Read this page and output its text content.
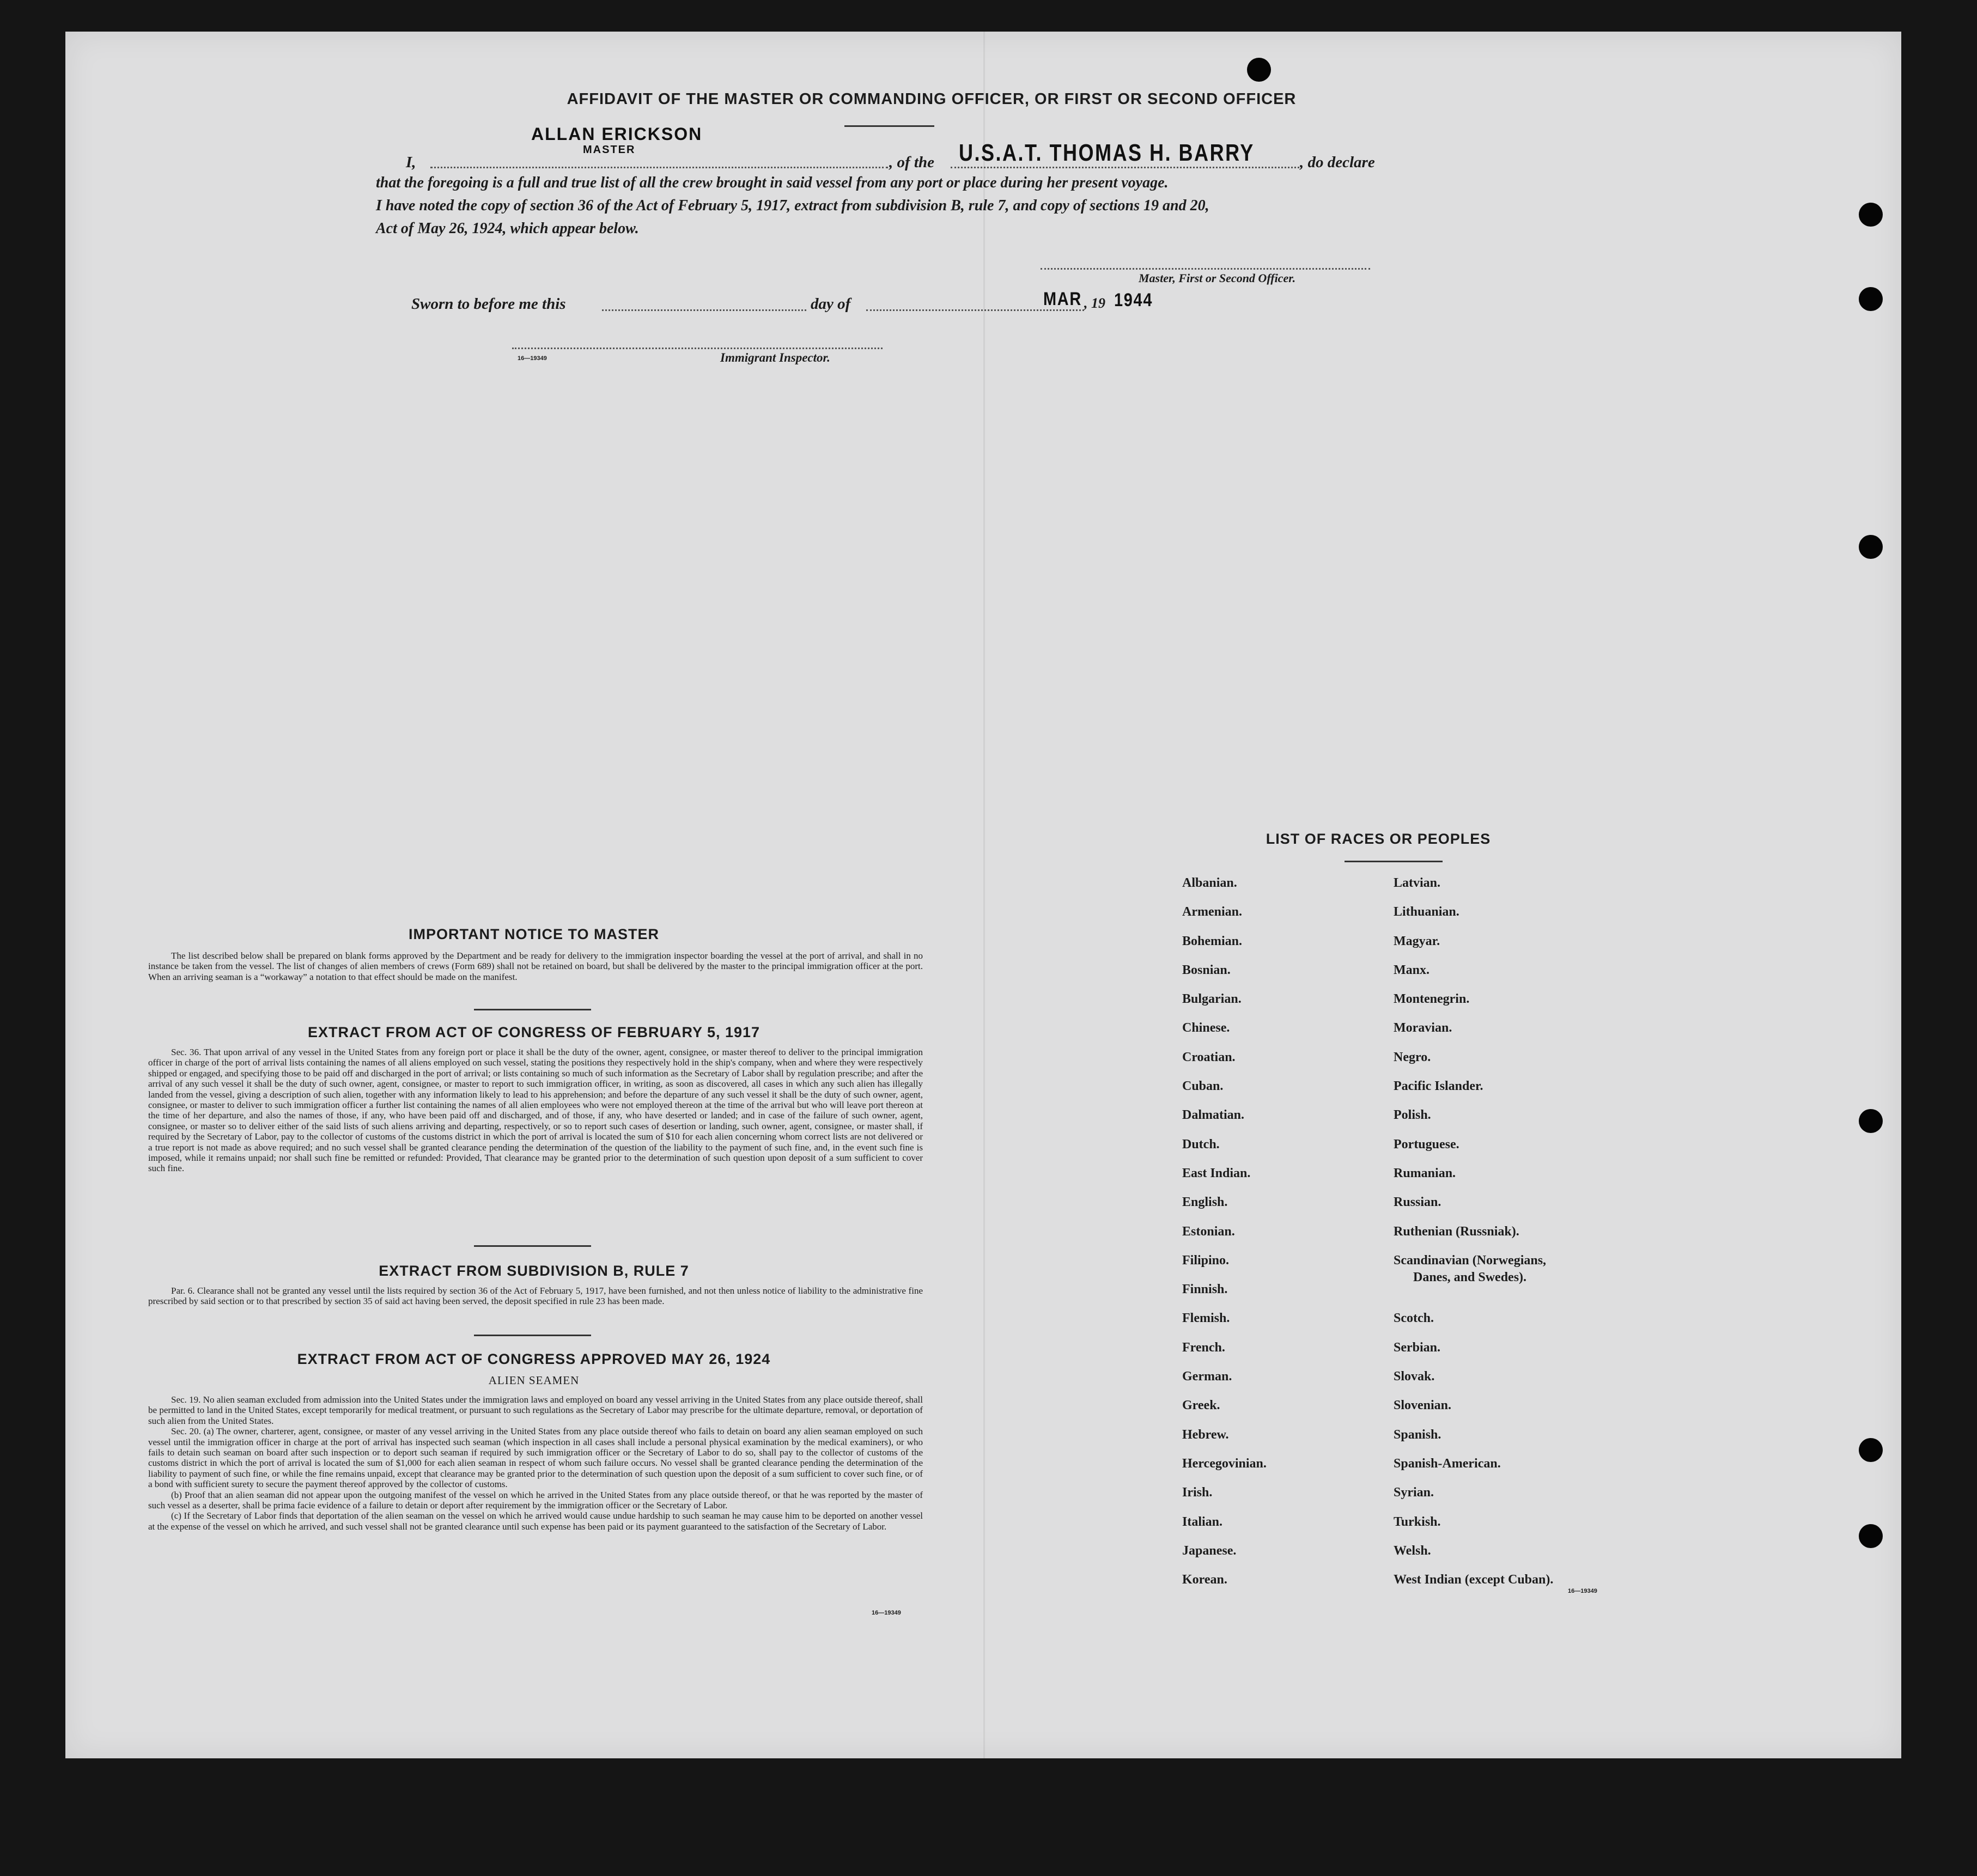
AFFIDAVIT OF THE MASTER OR COMMANDING OFFICER, OR FIRST OR SECOND OFFICER
ALLAN ERICKSON
MASTER
I,	, of the U.S.A.T. THOMAS H. BARRY	, do declare
that the foregoing is a full and true list of all the crew brought in said vessel from any port or place during her present voyage.
I have noted the copy of section 36 of the Act of February 5, 1917, extract from subdivision B, rule 7, and copy of sections 19 and 20,
Act of May 26, 1924, which appear below.
Master, First or Second Officer.
Sworn to before me this	day of	MAR , 19 1944
16—19349	Immigrant Inspector.
IMPORTANT NOTICE TO MASTER

The list described below shall be prepared on blank forms approved by the Department and be ready for delivery to the immigration inspector boarding the vessel at the port of arrival, and shall in no instance be taken from the vessel. The list of changes of alien members of crews (Form 689) shall not be retained on board, but shall be delivered by the master to the principal immigration officer at the port. When an arriving seaman is a “workaway” a notation to that effect should be made on the manifest.

EXTRACT FROM ACT OF CONGRESS OF FEBRUARY 5, 1917

Sec. 36. That upon arrival of any vessel in the United States from any foreign port or place it shall be the duty of the owner, agent, consignee, or master thereof to deliver to the principal immigration officer in charge of the port of arrival lists containing the names of all aliens employed on such vessel, stating the positions they respectively hold in the ship's company, when and where they were respectively shipped or engaged, and specifying those to be paid off and discharged in the port of arrival; or lists containing so much of such information as the Secretary of Labor shall by regulation prescribe; and after the arrival of any such vessel it shall be the duty of such owner, agent, consignee, or master to report to such immigration officer, in writing, as soon as discovered, all cases in which any such alien has illegally landed from the vessel, giving a description of such alien, together with any information likely to lead to his apprehension; and before the departure of any such vessel it shall be the duty of such owner, agent, consignee, or master to deliver to such immigration officer a further list containing the names of all alien employees who were not employed thereon at the time of the arrival but who will leave port thereon at the time of her departure, and also the names of those, if any, who have been paid off and discharged, and of those, if any, who have deserted or landed; and in case of the failure of such owner, agent, consignee, or master so to deliver either of the said lists of such aliens arriving and departing, respectively, or so to report such cases of desertion or landing, such owner, agent, consignee, or master shall, if required by the Secretary of Labor, pay to the collector of customs of the customs district in which the port of arrival is located the sum of $10 for each alien concerning whom correct lists are not delivered or a true report is not made as above required; and no such vessel shall be granted clearance pending the determination of the question of the liability to the payment of such fine, and, in the event such fine is imposed, while it remains unpaid; nor shall such fine be remitted or refunded: Provided, That clearance may be granted prior to the determination of such question upon deposit of a sum sufficient to cover such fine.

EXTRACT FROM SUBDIVISION B, RULE 7

Par. 6. Clearance shall not be granted any vessel until the lists required by section 36 of the Act of February 5, 1917, have been furnished, and not then unless notice of liability to the administrative fine prescribed by said section or to that prescribed by section 35 of said act having been served, the deposit specified in rule 23 has been made.

EXTRACT FROM ACT OF CONGRESS APPROVED MAY 26, 1924
ALIEN SEAMEN

Sec. 19. No alien seaman excluded from admission into the United States under the immigration laws and employed on board any vessel arriving in the United States from any place outside thereof, shall be permitted to land in the United States, except temporarily for medical treatment, or pursuant to such regulations as the Secretary of Labor may prescribe for the ultimate departure, removal, or deportation of such alien from the United States.

Sec. 20. (a) The owner, charterer, agent, consignee, or master of any vessel arriving in the United States from any place outside thereof who fails to detain on board any alien seaman employed on such vessel until the immigration officer in charge at the port of arrival has inspected such seaman (which inspection in all cases shall include a personal physical examination by the medical examiners), or who fails to detain such seaman on board after such inspection or to deport such seaman if required by such immigration officer or the Secretary of Labor to do so, shall pay to the collector of customs of the customs district in which the port of arrival is located the sum of $1,000 for each alien seaman in respect of whom such failure occurs. No vessel shall be granted clearance pending the determination of the liability to payment of such fine, or while the fine remains unpaid, except that clearance may be granted prior to the determination of such question upon the deposit of a sum sufficient to cover such fine, or of a bond with sufficient surety to secure the payment thereof approved by the collector of customs.

(b) Proof that an alien seaman did not appear upon the outgoing manifest of the vessel on which he arrived in the United States from any place outside thereof, or that he was reported by the master of such vessel as a deserter, shall be prima facie evidence of a failure to detain or deport after requirement by the immigration officer or the Secretary of Labor.

(c) If the Secretary of Labor finds that deportation of the alien seaman on the vessel on which he arrived would cause undue hardship to such seaman he may cause him to be deported on another vessel at the expense of the vessel on which he arrived, and such vessel shall not be granted clearance until such expense has been paid or its payment guaranteed to the satisfaction of the Secretary of Labor.

16—19349
LIST OF RACES OR PEOPLES
Albanian.
Armenian.
Bohemian.
Bosnian.
Bulgarian.
Chinese.
Croatian.
Cuban.
Dalmatian.
Dutch.
East Indian.
English.
Estonian.
Filipino.
Finnish.
Flemish.
French.
German.
Greek.
Hebrew.
Hercegovinian.
Irish.
Italian.
Japanese.
Korean.
Latvian.
Lithuanian.
Magyar.
Manx.
Montenegrin.
Moravian.
Negro.
Pacific Islander.
Polish.
Portuguese.
Rumanian.
Russian.
Ruthenian (Russniak).
Scandinavian (Norwegians,
Danes, and Swedes).
Scotch.
Serbian.
Slovak.
Slovenian.
Spanish.
Spanish-American.
Syrian.
Turkish.
Welsh.
West Indian (except Cuban).
16—19349
